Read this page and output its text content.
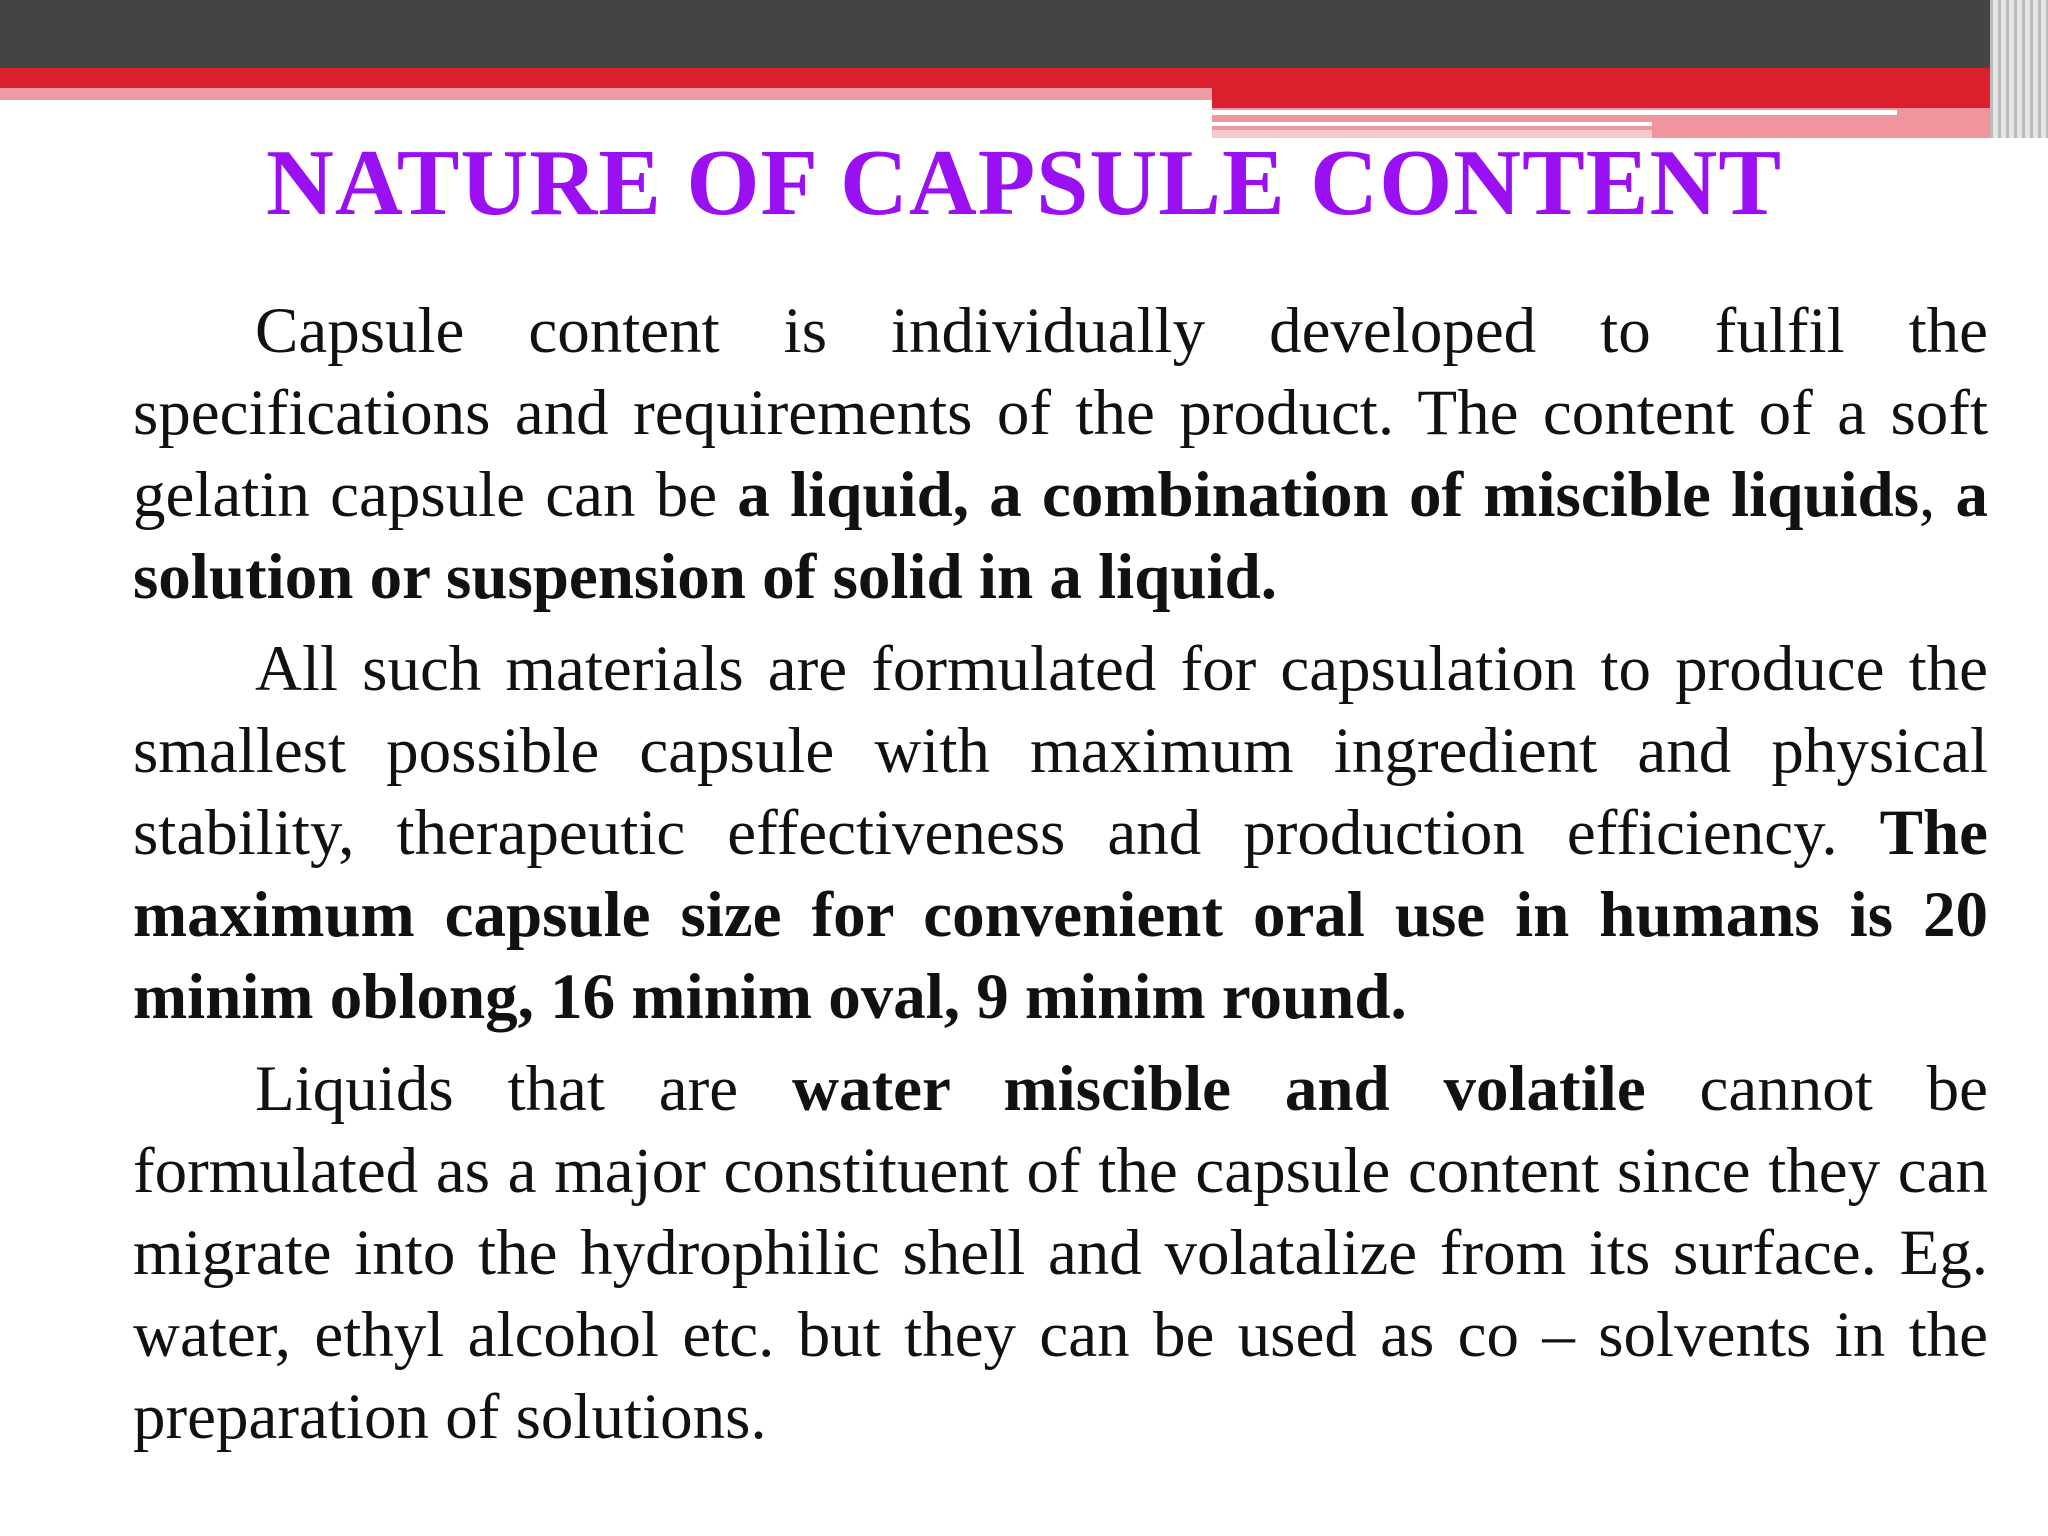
NATURE OF CAPSULE CONTENT

Capsule content is individually developed to fulfil the specifications and requirements of the product. The content of a soft gelatin capsule can be a liquid, a combination of miscible liquids, a solution or suspension of solid in a liquid.

All such materials are formulated for capsulation to produce the smallest possible capsule with maximum ingredient and physical stability, therapeutic effectiveness and production efficiency. The maximum capsule size for convenient oral use in humans is 20 minim oblong, 16 minim oval, 9 minim round.

Liquids that are water miscible and volatile cannot be formulated as a major constituent of the capsule content since they can migrate into the hydrophilic shell and volatalize from its surface. Eg. water, ethyl alcohol etc. but they can be used as co – solvents in the preparation of solutions.
